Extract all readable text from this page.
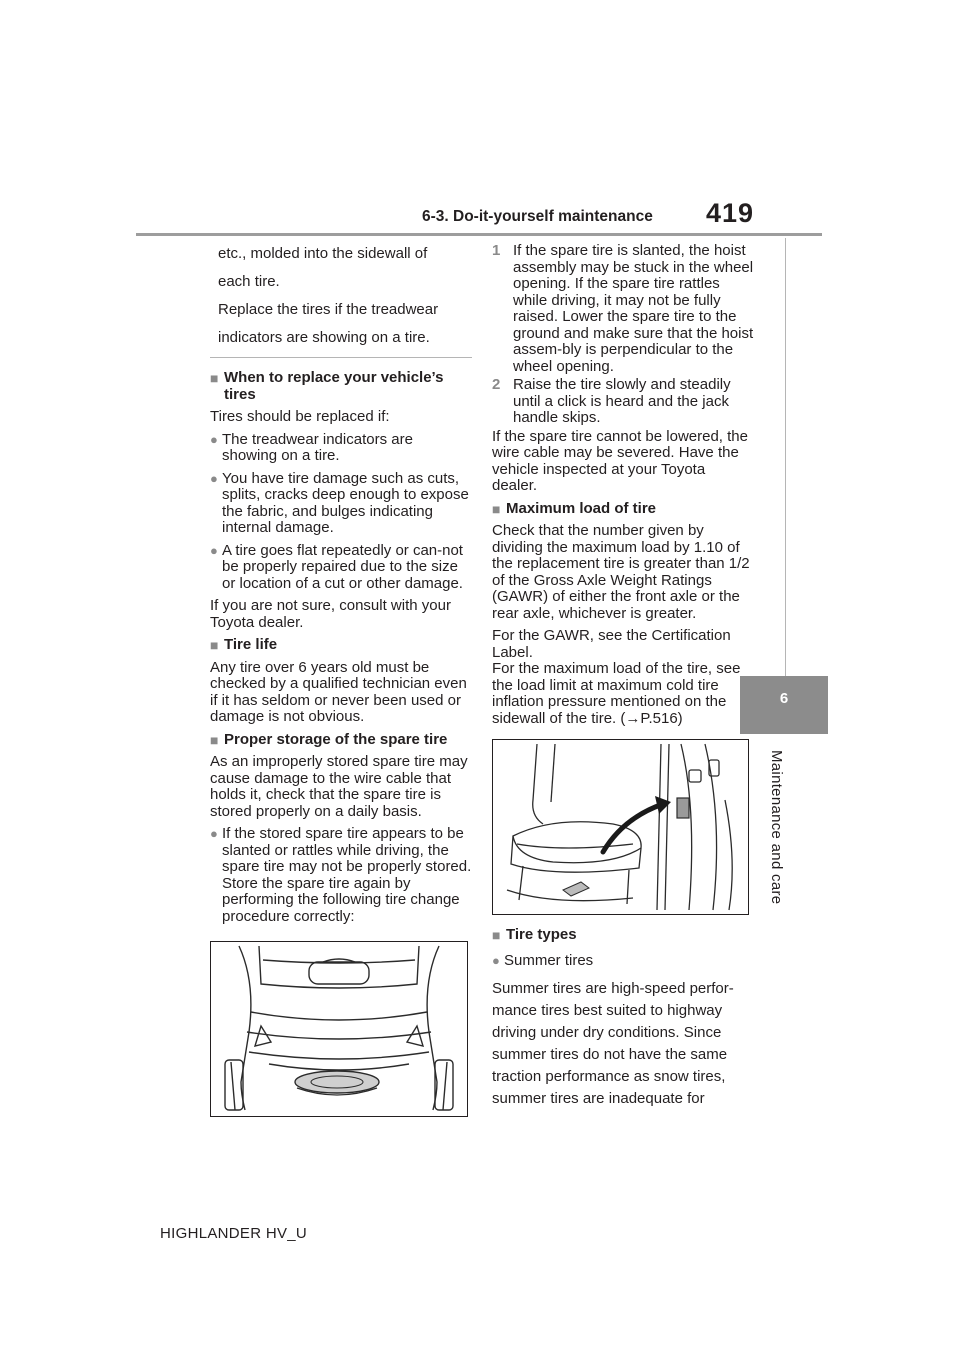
6-3. Do-it-yourself maintenance 419
6
Maintenance and care

etc., molded into the sidewall of

each tire.

Replace the tires if the treadwear

indicators are showing on a tire.

■ When to replace your vehicle’s tires

Tires should be replaced if:

● The treadwear indicators are showing on a tire.

● You have tire damage such as cuts, splits, cracks deep enough to expose the fabric, and bulges indicating internal damage.

● A tire goes flat repeatedly or can-not be properly repaired due to the size or location of a cut or other damage.

If you are not sure, consult with your Toyota dealer.

■ Tire life

Any tire over 6 years old must be checked by a qualified technician even if it has seldom or never been used or damage is not obvious.

■ Proper storage of the spare tire

As an improperly stored spare tire may cause damage to the wire cable that holds it, check that the spare tire is stored properly on a daily basis.

● If the stored spare tire appears to be slanted or rattles while driving, the spare tire may not be properly stored. Store the spare tire again by performing the following tire change procedure correctly:

1 If the spare tire is slanted, the hoist assembly may be stuck in the wheel opening. If the spare tire rattles while driving, it may not be fully raised. Lower the spare tire to the ground and make sure that the hoist assem-bly is perpendicular to the wheel opening.

2 Raise the tire slowly and steadily until a click is heard and the jack handle skips.

If the spare tire cannot be lowered, the wire cable may be severed. Have the vehicle inspected at your Toyota dealer.

■ Maximum load of tire

Check that the number given by dividing the maximum load by 1.10 of the replacement tire is greater than 1/2 of the Gross Axle Weight Ratings (GAWR) of either the front axle or the rear axle, whichever is greater.

For the GAWR, see the Certification Label.

For the maximum load of the tire, see the load limit at maximum cold tire inflation pressure mentioned on the sidewall of the tire. (→P.516)

■ Tire types

● Summer tires

Summer tires are high-speed perfor-

mance tires best suited to highway

driving under dry conditions. Since

summer tires do not have the same

traction performance as snow tires,

summer tires are inadequate for

HIGHLANDER HV_U
